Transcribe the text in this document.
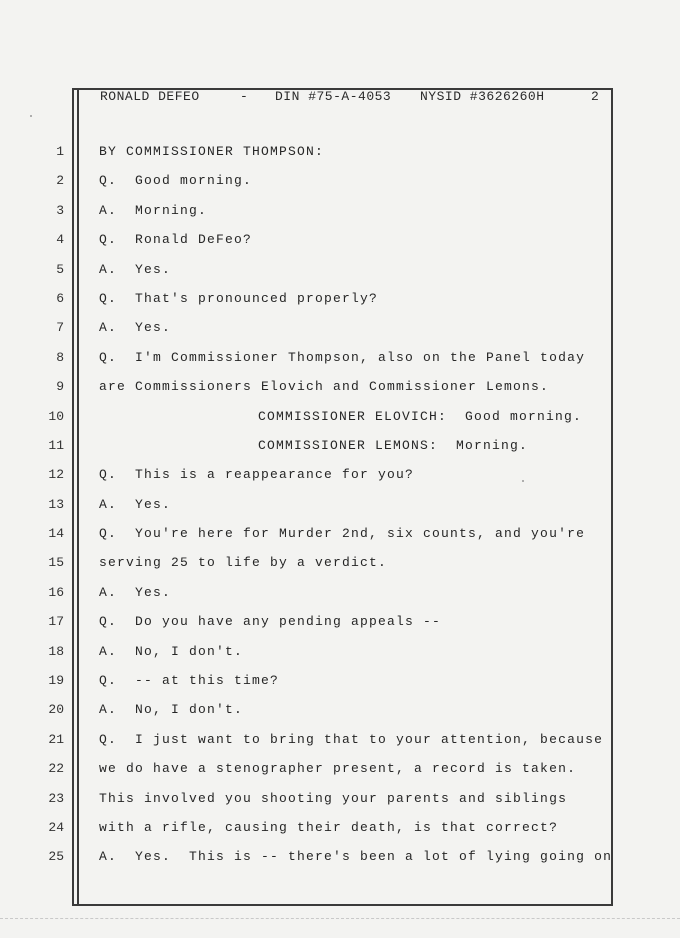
RONALD DEFEO	- DIN #75-A-4053 NYSID #3626260H	2
1
2
3
4
5
6
7
8
9
10
11
12
13
14
15
16
17
18
19
20
21
22
23
24
25
BY COMMISSIONER THOMPSON:
Q.  Good morning.
A.  Morning.
Q.  Ronald DeFeo?
A.  Yes.
Q.  That's pronounced properly?
A.  Yes.
Q.  I'm Commissioner Thompson, also on the Panel today
are Commissioners Elovich and Commissioner Lemons.
COMMISSIONER ELOVICH:  Good morning.
COMMISSIONER LEMONS:  Morning.
Q.  This is a reappearance for you?
A.  Yes.
Q.  You're here for Murder 2nd, six counts, and you're
serving 25 to life by a verdict.
A.  Yes.
Q.  Do you have any pending appeals --
A.  No, I don't.
Q.  -- at this time?
A.  No, I don't.
Q.  I just want to bring that to your attention, because
we do have a stenographer present, a record is taken.
This involved you shooting your parents and siblings
with a rifle, causing their death, is that correct?
A.  Yes.  This is -- there's been a lot of lying going on
